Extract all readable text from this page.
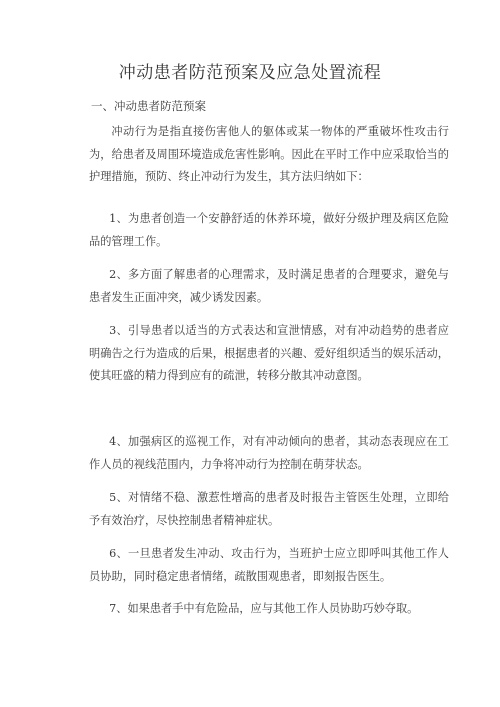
冲动患者防范预案及应急处置流程
一、冲动患者防范预案

冲动行为是指直接伤害他人的躯体或某一物体的严重破坏性攻击行为，给患者及周围环境造成危害性影响。因此在平时工作中应采取恰当的护理措施，预防、终止冲动行为发生，其方法归纳如下：

1、为患者创造一个安静舒适的休养环境，做好分级护理及病区危险品的管理工作。

2、多方面了解患者的心理需求，及时满足患者的合理要求，避免与患者发生正面冲突，减少诱发因素。

3、引导患者以适当的方式表达和宣泄情感，对有冲动趋势的患者应明确告之行为造成的后果，根据患者的兴趣、爱好组织适当的娱乐活动，使其旺盛的精力得到应有的疏泄，转移分散其冲动意图。

4、加强病区的巡视工作，对有冲动倾向的患者，其动态表现应在工作人员的视线范围内，力争将冲动行为控制在萌芽状态。

5、对情绪不稳、激惹性增高的患者及时报告主管医生处理，立即给予有效治疗，尽快控制患者精神症状。

6、一旦患者发生冲动、攻击行为，当班护士应立即呼叫其他工作人员协助，同时稳定患者情绪，疏散围观患者，即刻报告医生。

7、如果患者手中有危险品，应与其他工作人员协助巧妙夺取。
